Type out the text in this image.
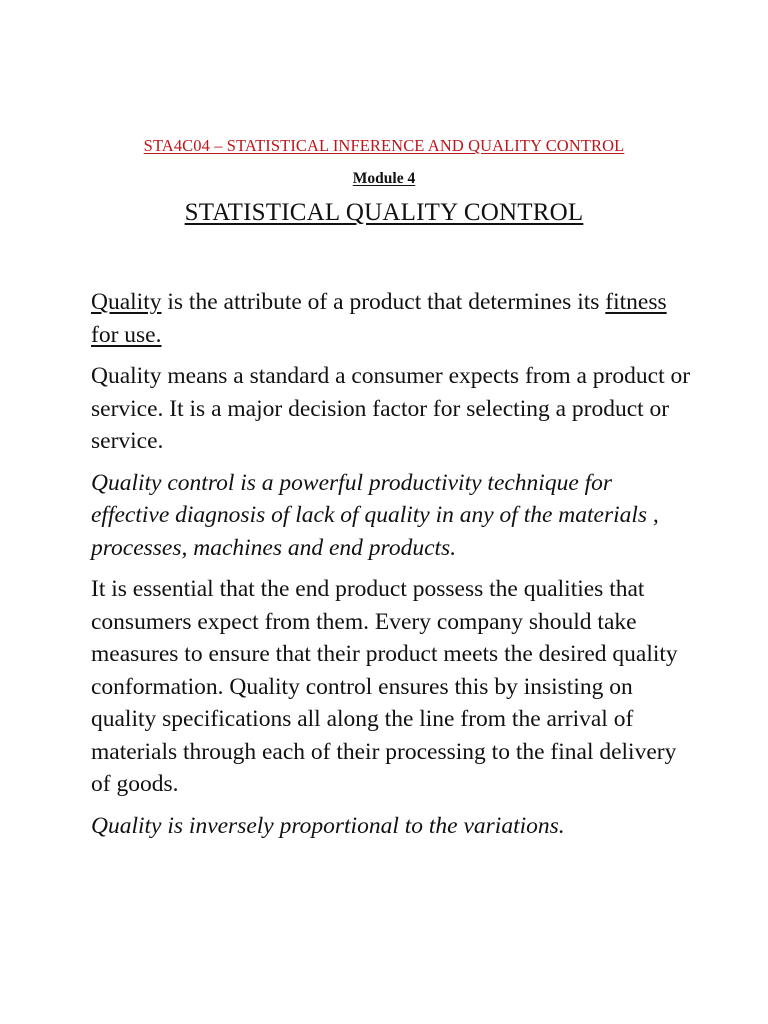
STA4C04 – STATISTICAL INFERENCE AND QUALITY CONTROL
Module 4
STATISTICAL QUALITY CONTROL

Quality is the attribute of a product that determines its fitness for use.

Quality means a standard a consumer expects from a product or service. It is a major decision factor for selecting a product or service.

Quality control is a powerful productivity technique for effective diagnosis of lack of quality in any of the materials , processes, machines and end products.

It is essential that the end product possess the qualities that consumers expect from them. Every company should take measures to ensure that their product meets the desired quality conformation. Quality control ensures this by insisting on quality specifications all along the line from the arrival of materials through each of their processing to the final delivery of goods.

Quality is inversely proportional to the variations.
